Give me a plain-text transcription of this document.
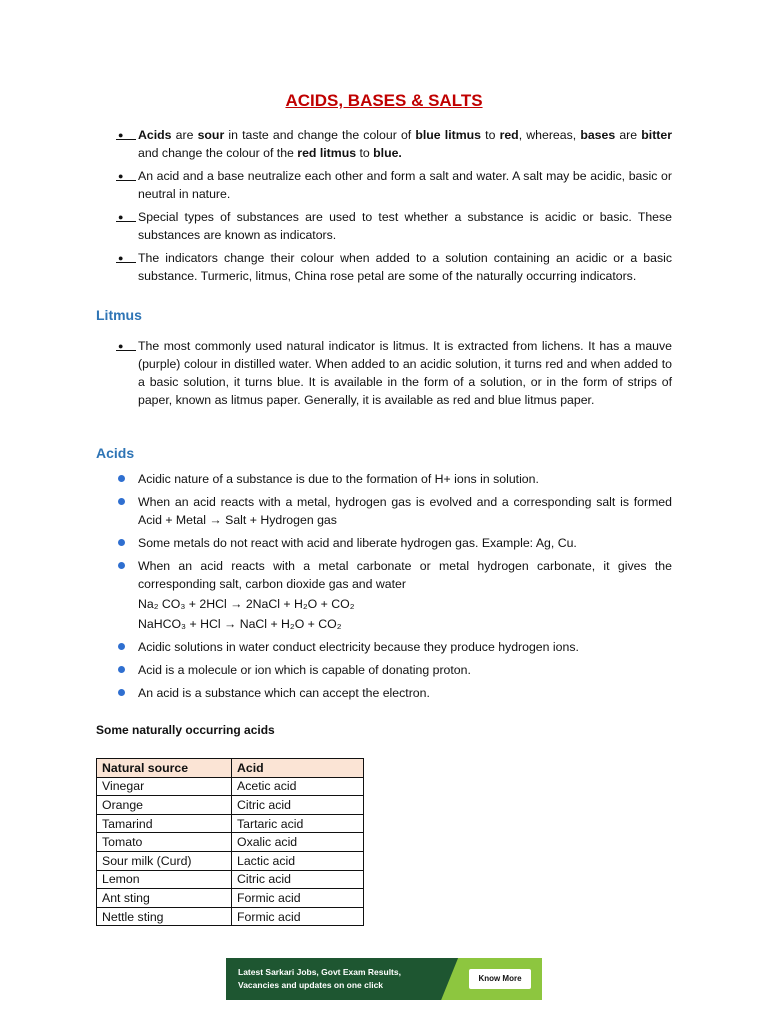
ACIDS, BASES & SALTS
●
Acids are sour in taste and change the colour of blue litmus to red, whereas, bases are bitter and change the colour of the red litmus to blue.
●
An acid and a base neutralize each other and form a salt and water. A salt may be acidic, basic or neutral in nature.
●
Special types of substances are used to test whether a substance is acidic or basic. These substances are known as indicators.
●
The indicators change their colour when added to a solution containing an acidic or a basic substance. Turmeric, litmus, China rose petal are some of the naturally occurring indicators.
Litmus
●
The most commonly used natural indicator is litmus. It is extracted from lichens. It has a mauve (purple) colour in distilled water. When added to an acidic solution, it turns red and when added to a basic solution, it turns blue. It is available in the form of a solution, or in the form of strips of paper, known as litmus paper. Generally, it is available as red and blue litmus paper.
Acids
Acidic nature of a substance is due to the formation of H+ ions in solution.
When an acid reacts with a metal, hydrogen gas is evolved and a corresponding salt is formed Acid + Metal → Salt + Hydrogen gas
Some metals do not react with acid and liberate hydrogen gas. Example: Ag, Cu.
When an acid reacts with a metal carbonate or metal hydrogen carbonate, it gives the corresponding salt, carbon dioxide gas and water
Na₂ CO₃ + 2HCl → 2NaCl + H₂O + CO₂
NaHCO₃ + HCl → NaCl + H₂O + CO₂
Acidic solutions in water conduct electricity because they produce hydrogen ions.
Acid is a molecule or ion which is capable of donating proton.
An acid is a substance which can accept the electron.
Some naturally occurring acids
Natural source	Acid
Vinegar	Acetic acid
Orange	Citric acid
Tamarind	Tartaric acid
Tomato	Oxalic acid
Sour milk (Curd)	Lactic acid
Lemon	Citric acid
Ant sting	Formic acid
Nettle sting	Formic acid
Latest Sarkari Jobs, Govt Exam Results,
Vacancies and updates on one click
Know More
